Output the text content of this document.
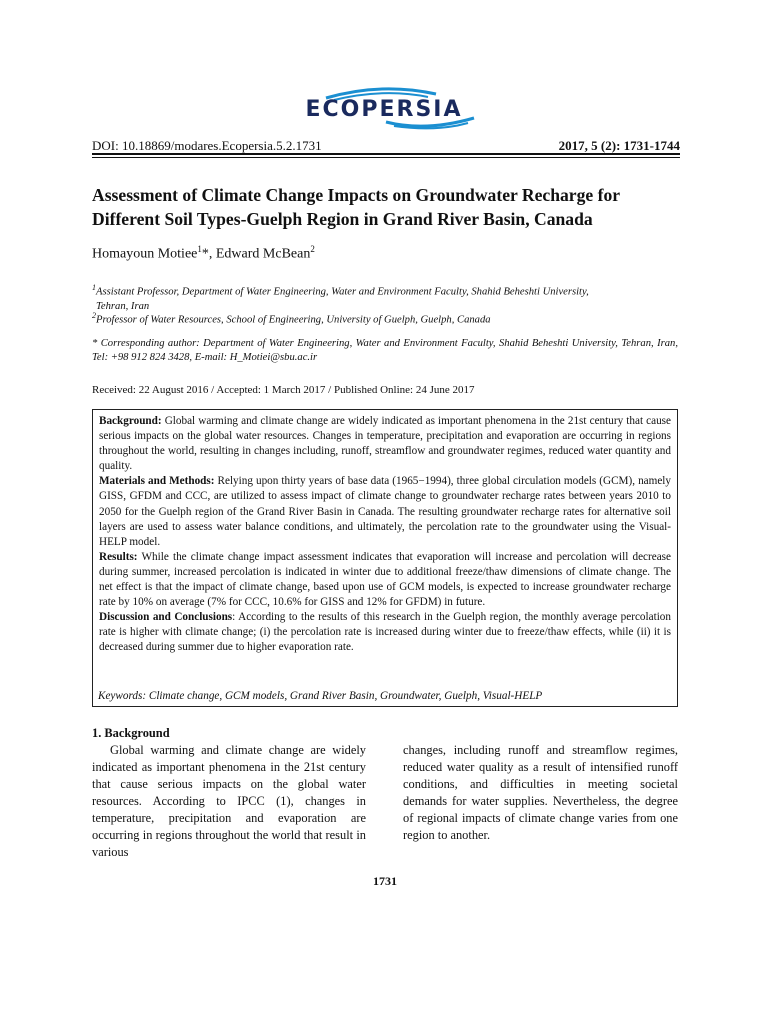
ECOPERSIA
DOI: 10.18869/modares.Ecopersia.5.2.1731	2017, 5 (2): 1731-1744
Assessment of Climate Change Impacts on Groundwater Recharge for Different Soil Types-Guelph Region in Grand River Basin, Canada
Homayoun Motiee$^1$*, Edward McBean$^2$
$^1$Assistant Professor, Department of Water Engineering, Water and Environment Faculty, Shahid Beheshti University,
Tehran, Iran
$^2$Professor of Water Resources, School of Engineering, University of Guelph, Guelph, Canada
* Corresponding author: Department of Water Engineering, Water and Environment Faculty, Shahid Beheshti University, Tehran, Iran, Tel: +98 912 824 3428, E-mail: H_Motiei@sbu.ac.ir
Received: 22 August 2016 / Accepted: 1 March 2017 / Published Online: 24 June 2017

Background: Global warming and climate change are widely indicated as important phenomena in the 21st century that cause serious impacts on the global water resources. Changes in temperature, precipitation and evaporation are occurring in regions throughout the world, resulting in changes including, runoff, streamflow and groundwater regimes, reduced water quantity and quality.

Materials and Methods: Relying upon thirty years of base data (1965−1994), three global circulation models (GCM), namely GISS, GFDM and CCC, are utilized to assess impact of climate change to groundwater recharge rates between years 2010 to 2050 for the Guelph region of the Grand River Basin in Canada. The resulting groundwater recharge rates for alternative soil layers are used to assess water balance conditions, and ultimately, the percolation rate to the groundwater using the Visual-HELP model.

Results: While the climate change impact assessment indicates that evaporation will increase and percolation will decrease during summer, increased percolation is indicated in winter due to additional freeze/thaw dimensions of climate change. The net effect is that the impact of climate change, based upon use of GCM models, is expected to increase groundwater recharge rate by 10% on average (7% for CCC, 10.6% for GISS and 12% for GFDM) in future.

Discussion and Conclusions: According to the results of this research in the Guelph region, the monthly average percolation rate is higher with climate change; (i) the percolation rate is increased during winter due to freeze/thaw effects, while (ii) it is decreased during summer due to higher evaporation rate.

Keywords: Climate change, GCM models, Grand River Basin, Groundwater, Guelph, Visual-HELP
1. Background

Global warming and climate change are widely indicated as important phenomena in the 21st century that cause serious impacts on the global water resources. According to IPCC (1), changes in temperature, precipitation and evaporation are occurring in regions throughout the world that result in various

changes, including runoff and streamflow regimes, reduced water quality as a result of intensified runoff conditions, and difficulties in meeting societal demands for water supplies. Nevertheless, the degree of regional impacts of climate change varies from one region to another.

1731
